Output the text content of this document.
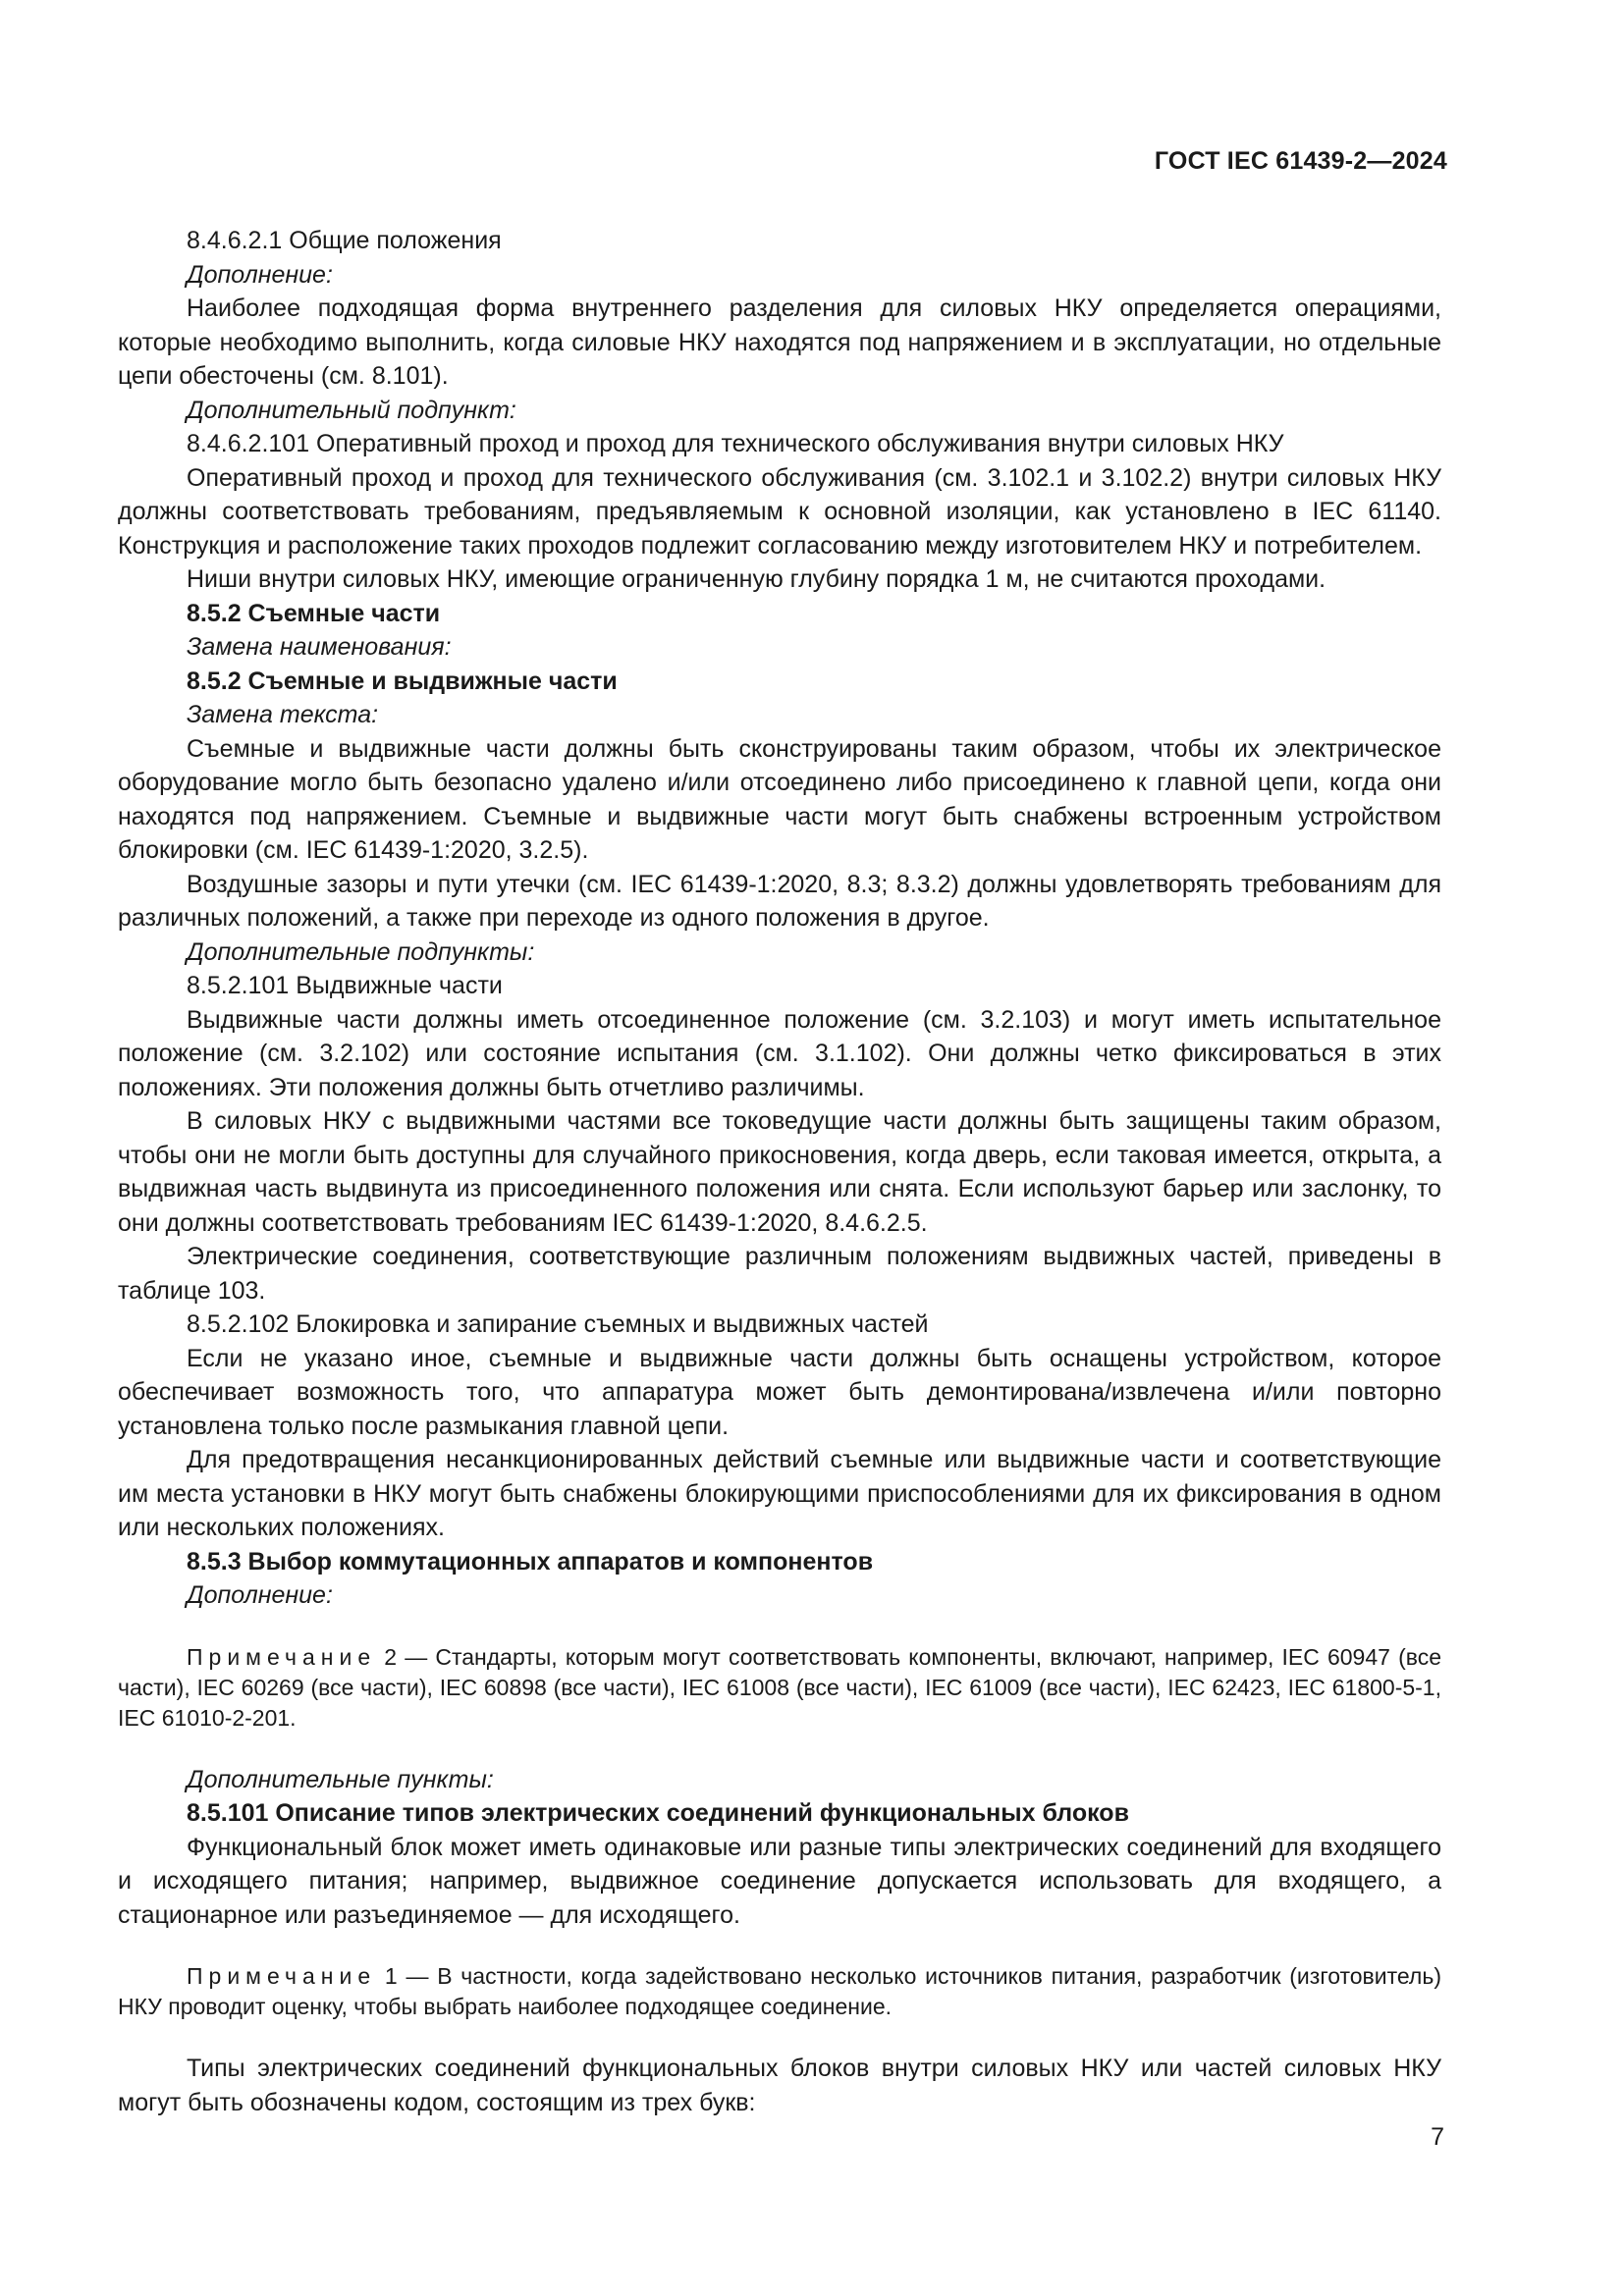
ГОСТ IEC 61439-2—2024

8.4.6.2.1 Общие положения

Дополнение:

Наиболее подходящая форма внутреннего разделения для силовых НКУ определяется операциями, которые необходимо выполнить, когда силовые НКУ находятся под напряжением и в эксплуатации, но отдельные цепи обесточены (см. 8.101).

Дополнительный подпункт:

8.4.6.2.101 Оперативный проход и проход для технического обслуживания внутри силовых НКУ

Оперативный проход и проход для технического обслуживания (см. 3.102.1 и 3.102.2) внутри силовых НКУ должны соответствовать требованиям, предъявляемым к основной изоляции, как установлено в IEC 61140. Конструкция и расположение таких проходов подлежит согласованию между изготовителем НКУ и потребителем.

Ниши внутри силовых НКУ, имеющие ограниченную глубину порядка 1 м, не считаются проходами.

8.5.2 Съемные части

Замена наименования:

8.5.2 Съемные и выдвижные части

Замена текста:

Съемные и выдвижные части должны быть сконструированы таким образом, чтобы их электрическое оборудование могло быть безопасно удалено и/или отсоединено либо присоединено к главной цепи, когда они находятся под напряжением. Съемные и выдвижные части могут быть снабжены встроенным устройством блокировки (см. IEC 61439-1:2020, 3.2.5).

Воздушные зазоры и пути утечки (см. IEC 61439-1:2020, 8.3; 8.3.2) должны удовлетворять требованиям для различных положений, а также при переходе из одного положения в другое.

Дополнительные подпункты:

8.5.2.101 Выдвижные части

Выдвижные части должны иметь отсоединенное положение (см. 3.2.103) и могут иметь испытательное положение (см. 3.2.102) или состояние испытания (см. 3.1.102). Они должны четко фиксироваться в этих положениях. Эти положения должны быть отчетливо различимы.

В силовых НКУ с выдвижными частями все токоведущие части должны быть защищены таким образом, чтобы они не могли быть доступны для случайного прикосновения, когда дверь, если таковая имеется, открыта, а выдвижная часть выдвинута из присоединенного положения или снята. Если используют барьер или заслонку, то они должны соответствовать требованиям IEC 61439-1:2020, 8.4.6.2.5.

Электрические соединения, соответствующие различным положениям выдвижных частей, приведены в таблице 103.

8.5.2.102 Блокировка и запирание съемных и выдвижных частей

Если не указано иное, съемные и выдвижные части должны быть оснащены устройством, которое обеспечивает возможность того, что аппаратура может быть демонтирована/извлечена и/или повторно установлена только после размыкания главной цепи.

Для предотвращения несанкционированных действий съемные или выдвижные части и соответствующие им места установки в НКУ могут быть снабжены блокирующими приспособлениями для их фиксирования в одном или нескольких положениях.

8.5.3 Выбор коммутационных аппаратов и компонентов

Дополнение:

Примечание 2 — Стандарты, которым могут соответствовать компоненты, включают, например, IEC 60947 (все части), IEC 60269 (все части), IEC 60898 (все части), IEC 61008 (все части), IEC 61009 (все части), IEC 62423, IEC 61800-5-1, IEC 61010-2-201.

Дополнительные пункты:

8.5.101 Описание типов электрических соединений функциональных блоков

Функциональный блок может иметь одинаковые или разные типы электрических соединений для входящего и исходящего питания; например, выдвижное соединение допускается использовать для входящего, а стационарное или разъединяемое — для исходящего.

Примечание 1 — В частности, когда задействовано несколько источников питания, разработчик (изготовитель) НКУ проводит оценку, чтобы выбрать наиболее подходящее соединение.

Типы электрических соединений функциональных блоков внутри силовых НКУ или частей силовых НКУ могут быть обозначены кодом, состоящим из трех букв:

7
